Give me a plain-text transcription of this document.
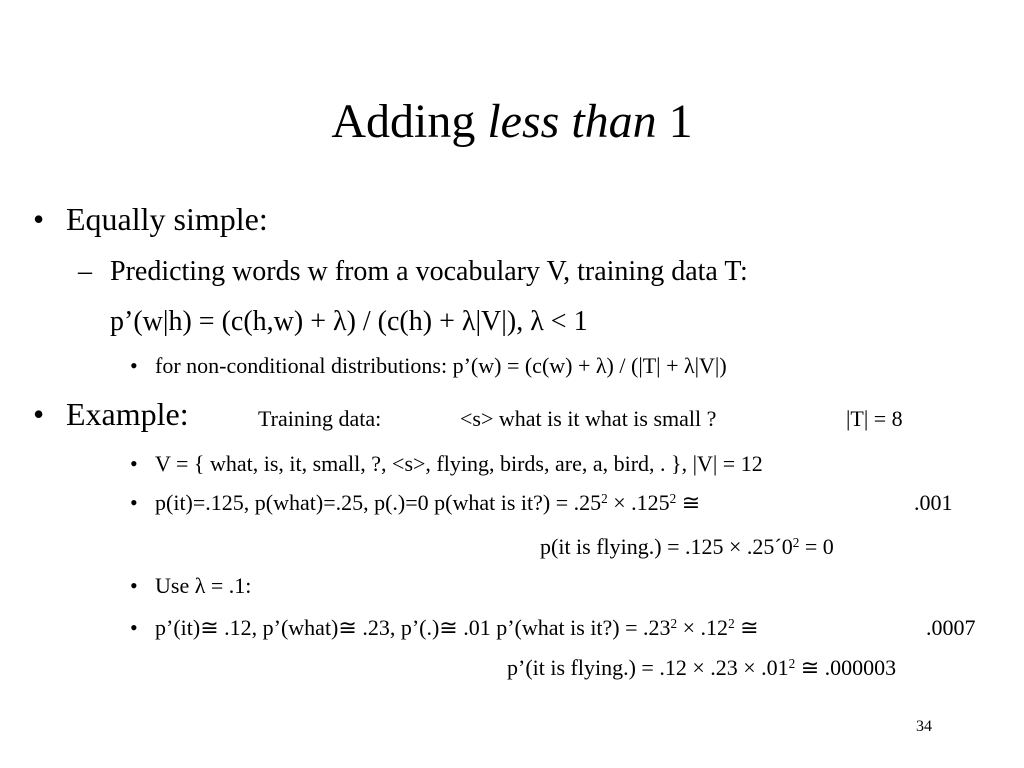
Adding less than 1
• Equally simple:
– Predicting words w from a vocabulary V, training data T:
p’(w|h) = (c(h,w) + λ) / (c(h) + λ|V|), λ < 1
• for non-conditional distributions: p’(w) = (c(w) + λ) / (|T| + λ|V|)
• Example:	Training data:	<s> what is it what is small ?	|T| = 8
• V = { what, is, it, small, ?, <s>, flying, birds, are, a, bird, . }, |V| = 12
• p(it)=.125, p(what)=.25, p(.)=0 p(what is it?) = $.25^2 \times .125^2$ ≅	.001
p(it is flying.) = $.125 \times .25´0^2 = 0$
• Use λ = .1:
• p’(it)≅ .12, p’(what)≅ .23, p’(.)≅ .01 p’(what is it?) = $.23^2 \times .12^2$ ≅	.0007
p’(it is flying.) = $.12 \times .23 \times .01^2$ ≅ .000003
34
